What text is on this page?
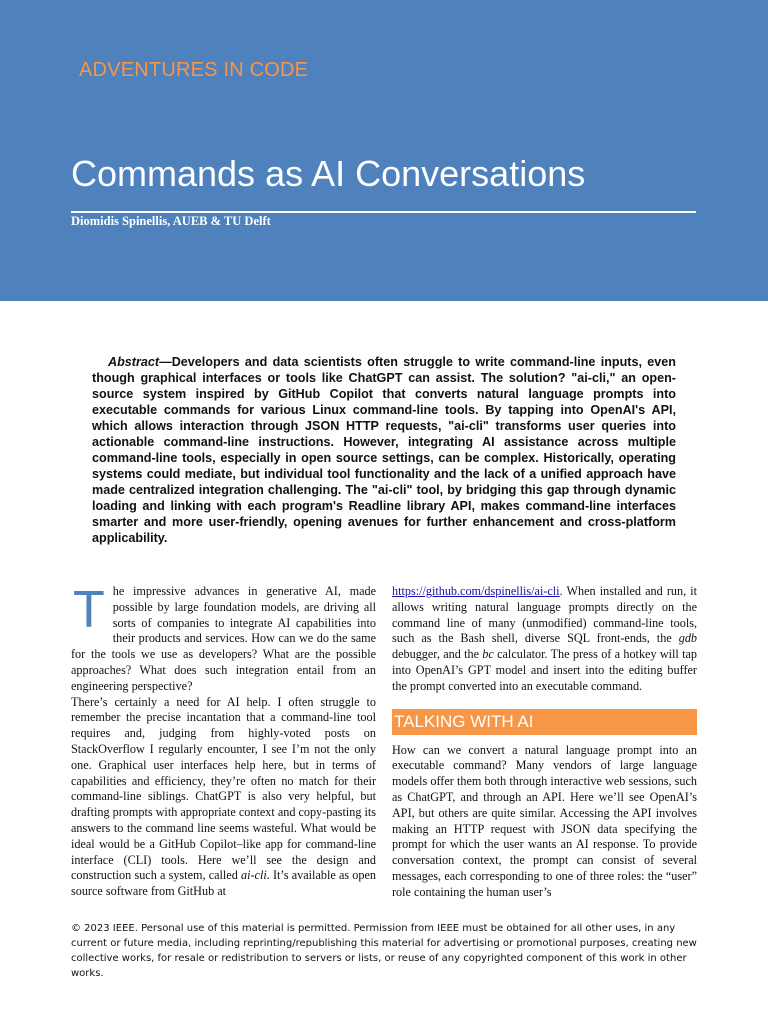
ADVENTURES IN CODE
Commands as AI Conversations
Diomidis Spinellis, AUEB & TU Delft

Abstract—Developers and data scientists often struggle to write command-line inputs, even though graphical interfaces or tools like ChatGPT can assist. The solution? "ai-cli," an open-source system inspired by GitHub Copilot that converts natural language prompts into executable commands for various Linux command-line tools. By tapping into OpenAI's API, which allows interaction through JSON HTTP requests, "ai-cli" transforms user queries into actionable command-line instructions. However, integrating AI assistance across multiple command-line tools, especially in open source settings, can be complex. Historically, operating systems could mediate, but individual tool functionality and the lack of a unified approach have made centralized integration challenging. The "ai-cli" tool, by bridging this gap through dynamic loading and linking with each program's Readline library API, makes command-line interfaces smarter and more user-friendly, opening avenues for further enhancement and cross-platform applicability.

The impressive advances in generative AI, made possible by large foundation models, are driving all sorts of companies to integrate AI capabilities into their products and services. How can we do the same for the tools we use as developers? What are the possible approaches? What does such integration entail from an engineering perspective?

There’s certainly a need for AI help. I often struggle to remember the precise incantation that a command-line tool requires and, judging from highly-voted posts on StackOverflow I regularly encounter, I see I’m not the only one. Graphical user interfaces help here, but in terms of capabilities and efficiency, they’re often no match for their command-line siblings. ChatGPT is also very helpful, but drafting prompts with appropriate context and copy-pasting its answers to the command line seems wasteful. What would be ideal would be a GitHub Copilot–like app for command-line interface (CLI) tools. Here we’ll see the design and construction such a system, called ai-cli. It’s available as open source software from GitHub at

https://github.com/dspinellis/ai-cli. When installed and run, it allows writing natural language prompts directly on the command line of many (unmodified) command-line tools, such as the Bash shell, diverse SQL front-ends, the gdb debugger, and the bc calculator. The press of a hotkey will tap into OpenAI’s GPT model and insert into the editing buffer the prompt converted into an executable command.

TALKING WITH AI

How can we convert a natural language prompt into an executable command? Many vendors of large language models offer them both through interactive web sessions, such as ChatGPT, and through an API. Here we’ll see OpenAI’s API, but others are quite similar. Accessing the API involves making an HTTP request with JSON data specifying the prompt for which the user wants an AI response. To provide conversation context, the prompt can consist of several messages, each corresponding to one of three roles: the “user” role containing the human user’s

© 2023 IEEE. Personal use of this material is permitted. Permission from IEEE must be obtained for all other uses, in any current or future media, including reprinting/republishing this material for advertising or promotional purposes, creating new collective works, for resale or redistribution to servers or lists, or reuse of any copyrighted component of this work in other works.
